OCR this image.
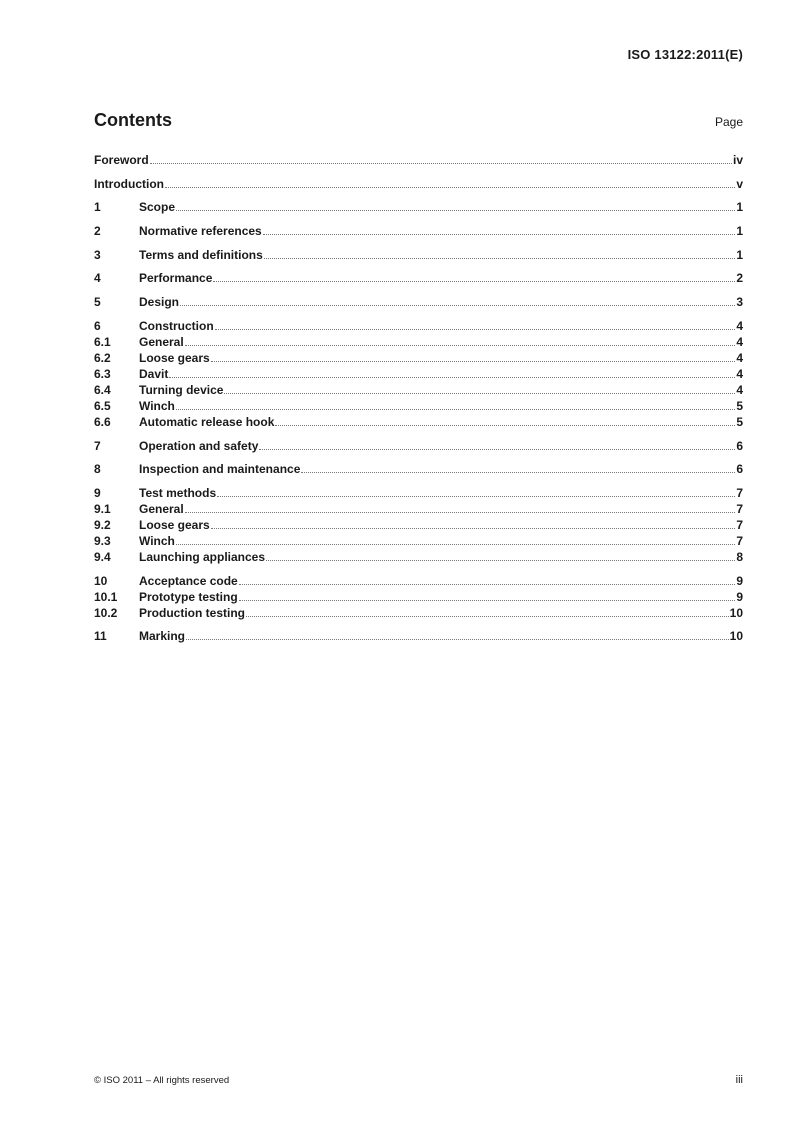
ISO 13122:2011(E)
Contents	Page
Foreword	iv
Introduction	v
1	Scope	1
2	Normative references	1
3	Terms and definitions	1
4	Performance	2
5	Design	3
6	Construction	4
6.1	General	4
6.2	Loose gears	4
6.3	Davit	4
6.4	Turning device	4
6.5	Winch	5
6.6	Automatic release hook	5
7	Operation and safety	6
8	Inspection and maintenance	6
9	Test methods	7
9.1	General	7
9.2	Loose gears	7
9.3	Winch	7
9.4	Launching appliances	8
10	Acceptance code	9
10.1	Prototype testing	9
10.2	Production testing	10
11	Marking	10
© ISO 2011 – All rights reserved	iii
